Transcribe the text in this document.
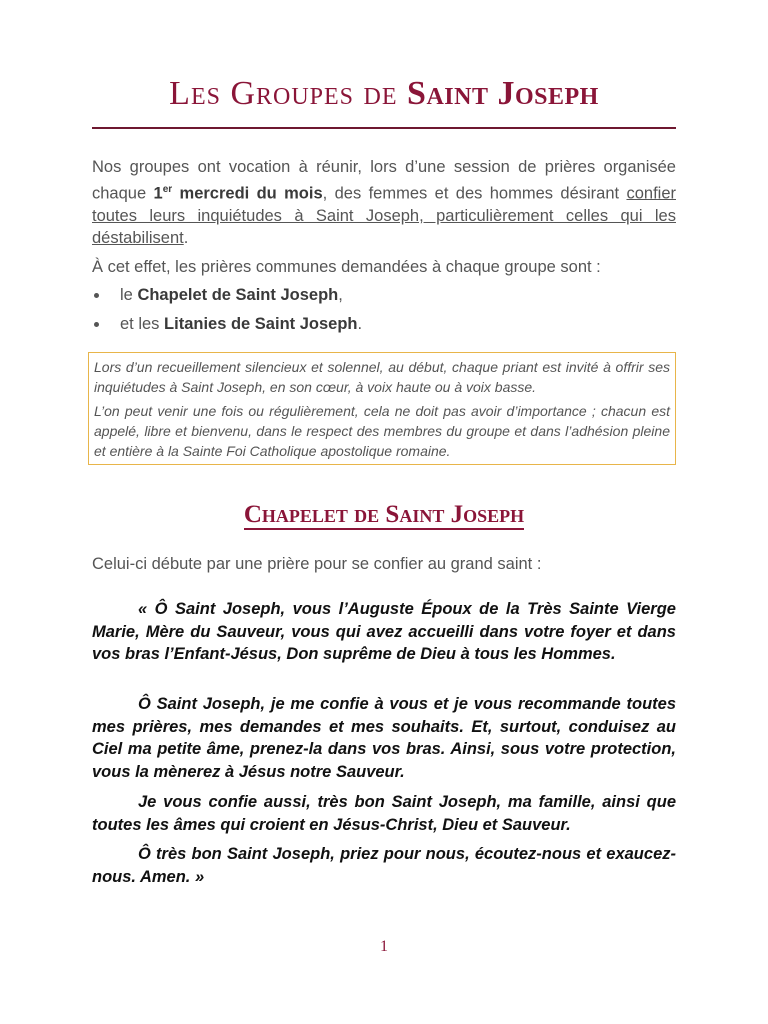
Les Groupes de Saint Joseph

Nos groupes ont vocation à réunir, lors d’une session de prières organisée chaque 1er mercredi du mois, des femmes et des hommes désirant confier toutes leurs inquiétudes à Saint Joseph, particulièrement celles qui les déstabilisent.

À cet effet, les prières communes demandées à chaque groupe sont :

le Chapelet de Saint Joseph,
et les Litanies de Saint Joseph.

Lors d’un recueillement silencieux et solennel, au début, chaque priant est invité à offrir ses inquiétudes à Saint Joseph, en son cœur, à voix haute ou à voix basse.

L’on peut venir une fois ou régulièrement, cela ne doit pas avoir d’importance ; chacun est appelé, libre et bienvenu, dans le respect des membres du groupe et dans l’adhésion pleine et entière à la Sainte Foi Catholique apostolique romaine.

Chapelet de Saint Joseph

Celui-ci débute par une prière pour se confier au grand saint :

« Ô Saint Joseph, vous l’Auguste Époux de la Très Sainte Vierge Marie, Mère du Sauveur, vous qui avez accueilli dans votre foyer et dans vos bras l’Enfant-Jésus, Don suprême de Dieu à tous les Hommes.

Ô Saint Joseph, je me confie à vous et je vous recommande toutes mes prières, mes demandes et mes souhaits. Et, surtout, conduisez au Ciel ma petite âme, prenez-la dans vos bras. Ainsi, sous votre protection, vous la mènerez à Jésus notre Sauveur.

Je vous confie aussi, très bon Saint Joseph, ma famille, ainsi que toutes les âmes qui croient en Jésus-Christ, Dieu et Sauveur.

Ô très bon Saint Joseph, priez pour nous, écoutez-nous et exaucez-nous. Amen. »

1
